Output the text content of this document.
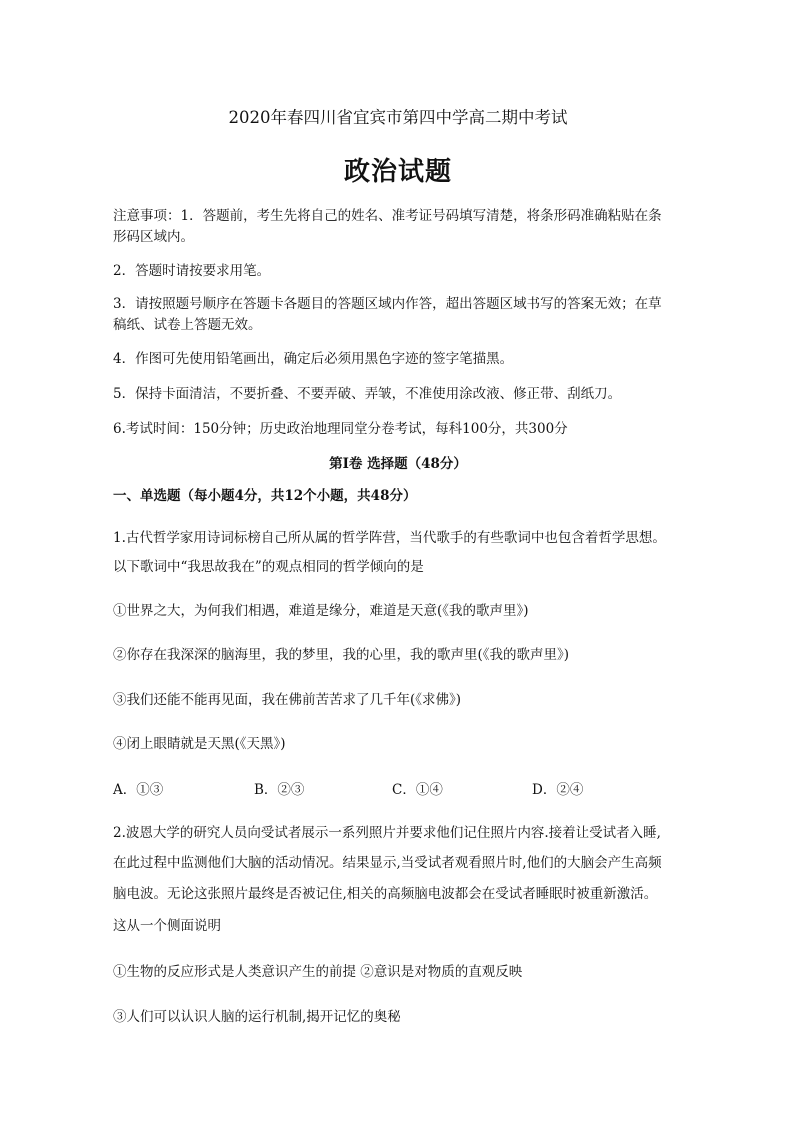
2020年春四川省宜宾市第四中学高二期中考试
政治试题
注意事项：1．答题前，考生先将自己的姓名、准考证号码填写清楚，将条形码准确粘贴在条
形码区域内。
2．答题时请按要求用笔。
3．请按照题号顺序在答题卡各题目的答题区域内作答，超出答题区域书写的答案无效；在草
稿纸、试卷上答题无效。
4．作图可先使用铅笔画出，确定后必须用黑色字迹的签字笔描黑。
5．保持卡面清洁，不要折叠、不要弄破、弄皱，不准使用涂改液、修正带、刮纸刀。
6.考试时间：150分钟；历史政治地理同堂分卷考试，每科100分，共300分
第Ⅰ卷 选择题（48分）
一、单选题（每小题4分，共12个小题，共48分）
1.古代哲学家用诗词标榜自己所从属的哲学阵营，当代歌手的有些歌词中也包含着哲学思想。
以下歌词中“我思故我在”的观点相同的哲学倾向的是
①世界之大，为何我们相遇，难道是缘分，难道是天意(《我的歌声里》)
②你存在我深深的脑海里，我的梦里，我的心里，我的歌声里(《我的歌声里》)
③我们还能不能再见面，我在佛前苦苦求了几千年(《求佛》)
④闭上眼睛就是天黑(《天黑》)
A．①③	B．②③	C．①④	D．②④
2.波恩大学的研究人员向受试者展示一系列照片并要求他们记住照片内容.接着让受试者入睡,
在此过程中监测他们大脑的活动情况。结果显示,当受试者观看照片时,他们的大脑会产生高频
脑电波。无论这张照片最终是否被记住,相关的高频脑电波都会在受试者睡眠时被重新激活。
这从一个侧面说明
①生物的反应形式是人类意识产生的前提 ②意识是对物质的直观反映
③人们可以认识人脑的运行机制,揭开记忆的奥秘
